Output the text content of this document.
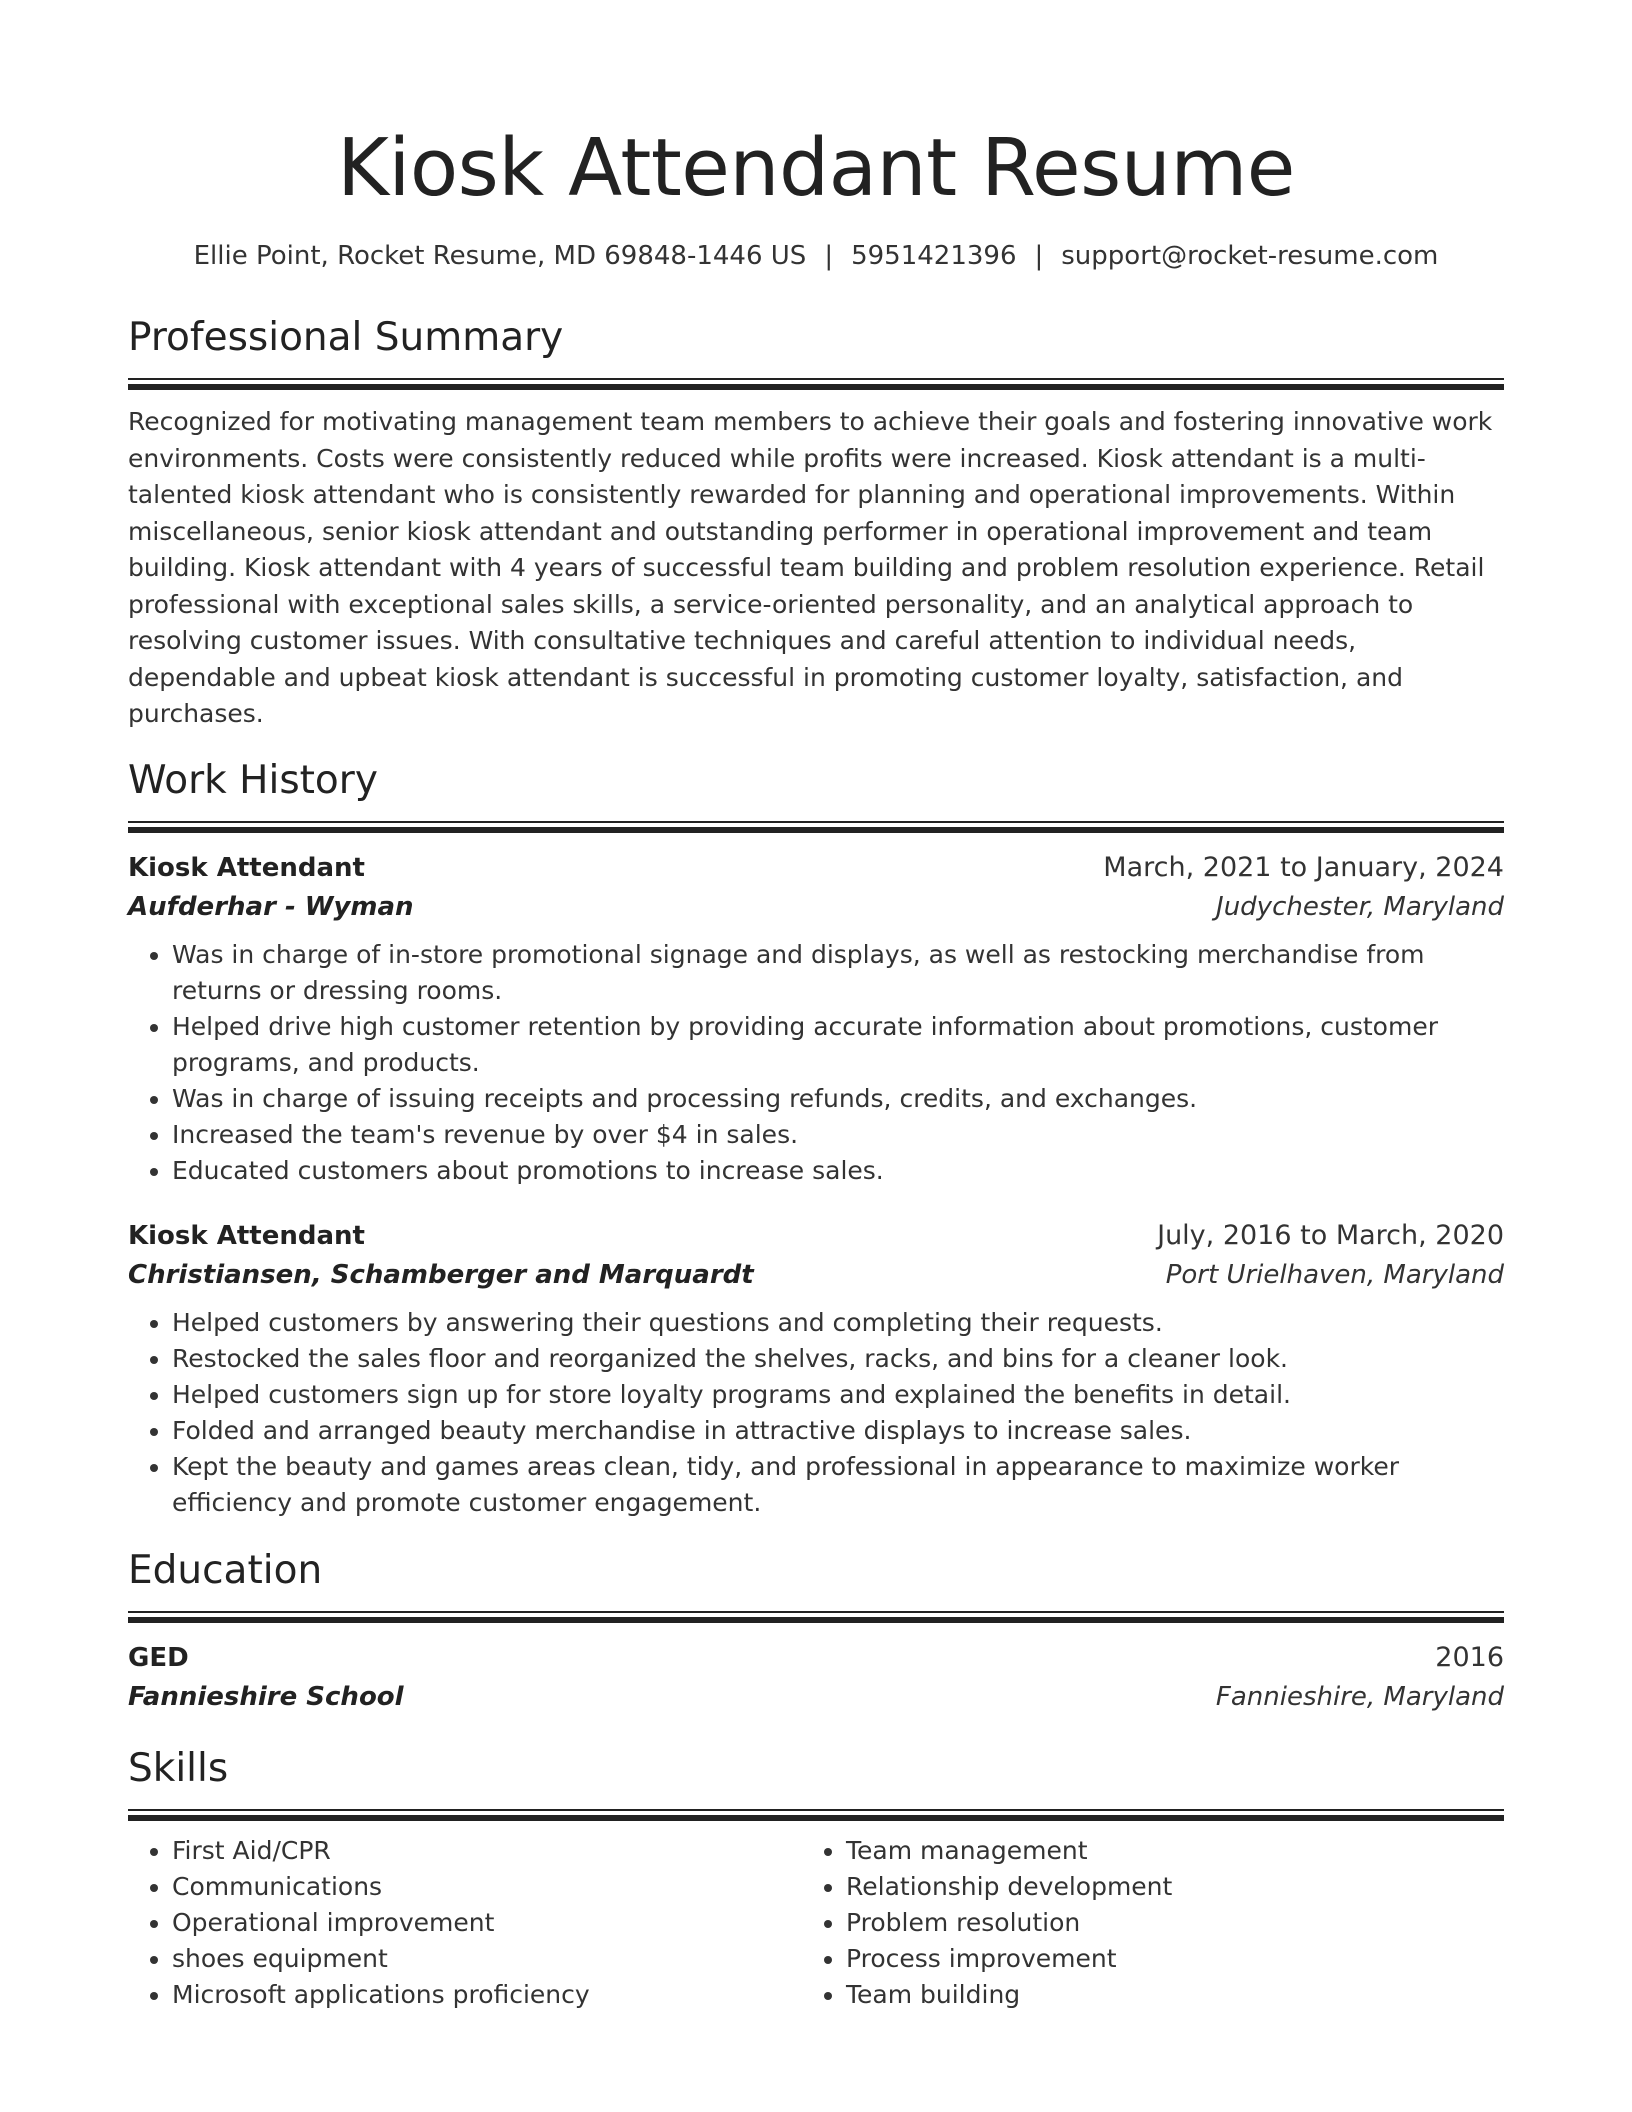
Kiosk Attendant Resume
Ellie Point, Rocket Resume, MD 69848-1446 US | 5951421396 | support@rocket-resume.com
Professional Summary

Recognized for motivating management team members to achieve their goals and fostering innovative work environments. Costs were consistently reduced while profits were increased. Kiosk attendant is a multi-talented kiosk attendant who is consistently rewarded for planning and operational improvements. Within miscellaneous, senior kiosk attendant and outstanding performer in operational improvement and team building. Kiosk attendant with 4 years of successful team building and problem resolution experience. Retail professional with exceptional sales skills, a service-oriented personality, and an analytical approach to resolving customer issues. With consultative techniques and careful attention to individual needs, dependable and upbeat kiosk attendant is successful in promoting customer loyalty, satisfaction, and purchases.

Work History
Kiosk Attendant	March, 2021 to January, 2024
Aufderhar - Wyman	Judychester, Maryland
• Was in charge of in-store promotional signage and displays, as well as restocking merchandise from returns or dressing rooms.
• Helped drive high customer retention by providing accurate information about promotions, customer programs, and products.
• Was in charge of issuing receipts and processing refunds, credits, and exchanges.
• Increased the team's revenue by over $4 in sales.
• Educated customers about promotions to increase sales.
Kiosk Attendant	July, 2016 to March, 2020
Christiansen, Schamberger and Marquardt	Port Urielhaven, Maryland
• Helped customers by answering their questions and completing their requests.
• Restocked the sales floor and reorganized the shelves, racks, and bins for a cleaner look.
• Helped customers sign up for store loyalty programs and explained the benefits in detail.
• Folded and arranged beauty merchandise in attractive displays to increase sales.
• Kept the beauty and games areas clean, tidy, and professional in appearance to maximize worker efficiency and promote customer engagement.
Education
GED	2016
Fannieshire School	Fannieshire, Maryland
Skills
• First Aid/CPR
• Communications
• Operational improvement
• shoes equipment
• Microsoft applications proficiency
• Team management
• Relationship development
• Problem resolution
• Process improvement
• Team building
